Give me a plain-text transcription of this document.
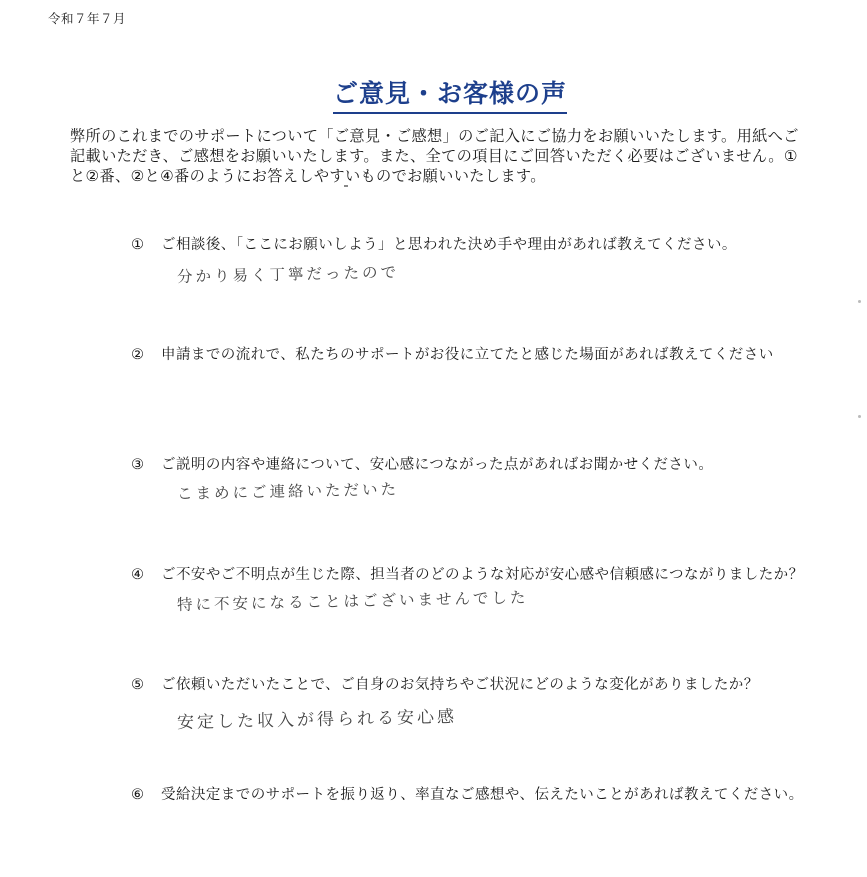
令和７年７月
ご意見・お客様の声
弊所のこれまでのサポートについて「ご意見・ご感想」のご記入にご協力をお願いいたします。用紙へご記載いただき、ご感想をお願いいたします。また、全ての項目にご回答いただく必要はございません。①と②番、②と④番のようにお答えしやすいものでお願いいたします。
① ご相談後、「ここにお願いしよう」と思われた決め手や理由があれば教えてください。
分かり易く丁寧だったので
② 申請までの流れで、私たちのサポートがお役に立てたと感じた場面があれば教えてください
③ ご説明の内容や連絡について、安心感につながった点があればお聞かせください。
こまめにご連絡いただいた
④ ご不安やご不明点が生じた際、担当者のどのような対応が安心感や信頼感につながりましたか？
特に不安になることはございませんでした
⑤ ご依頼いただいたことで、ご自身のお気持ちやご状況にどのような変化がありましたか？
安定した収入が得られる安心感
⑥ 受給決定までのサポートを振り返り、率直なご感想や、伝えたいことがあれば教えてください。
